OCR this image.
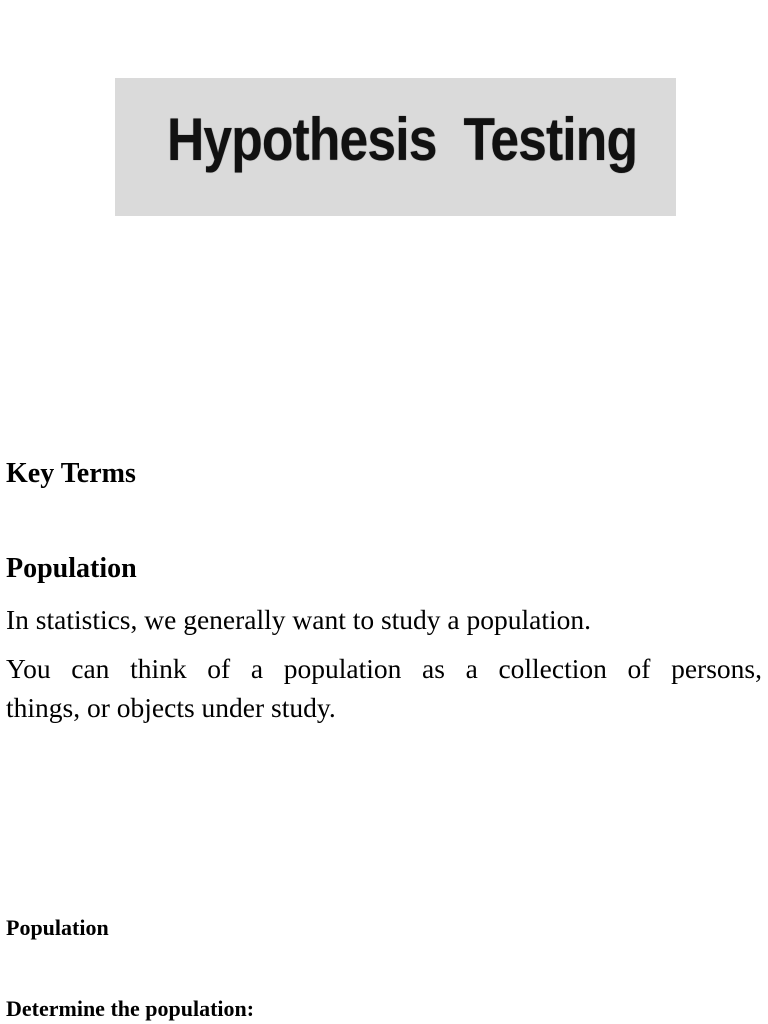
Hypothesis  Testing
Key Terms
Population

In statistics, we generally want to study a population.

You can think of a population as a collection of persons,
things, or objects under study.
Population
Determine the population:
